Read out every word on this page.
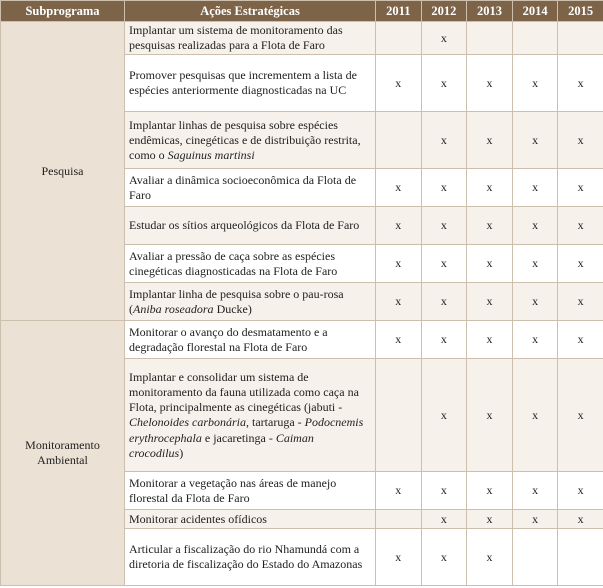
Subprograma	Ações Estratégicas	2011	2012	2013	2014	2015
Pesquisa	Implantar um sistema de monitoramento das pesquisas realizadas para a Flota de Faro		x			
	Promover pesquisas que incrementem a lista de espécies anteriormente diagnosticadas na UC	x	x	x	x	x
	Implantar linhas de pesquisa sobre espécies endêmicas, cinegéticas e de distribuição restrita, como o Saguinus martinsi		x	x	x	x
	Avaliar a dinâmica socioeconômica da Flota de Faro	x	x	x	x	x
	Estudar os sítios arqueológicos da Flota de Faro	x	x	x	x	x
	Avaliar a pressão de caça sobre as espécies cinegéticas diagnosticadas na Flota de Faro	x	x	x	x	x
	Implantar linha de pesquisa sobre o pau-rosa (Aniba roseadora Ducke)	x	x	x	x	x
Monitoramento Ambiental	Monitorar o avanço do desmatamento e a degradação florestal na Flota de Faro	x	x	x	x	x
	Implantar e consolidar um sistema de monitoramento da fauna utilizada como caça na Flota, principalmente as cinegéticas (jabuti - Chelonoides carbonária, tartaruga - Podocnemis erythrocephala e jacaretinga - Caiman crocodilus)		x	x	x	x
	Monitorar a vegetação nas áreas de manejo florestal da Flota de Faro	x	x	x	x	x
	Monitorar acidentes ofídicos		x	x	x	x
	Articular a fiscalização do rio Nhamundá com a diretoria de fiscalização do Estado do Amazonas	x	x	x		
